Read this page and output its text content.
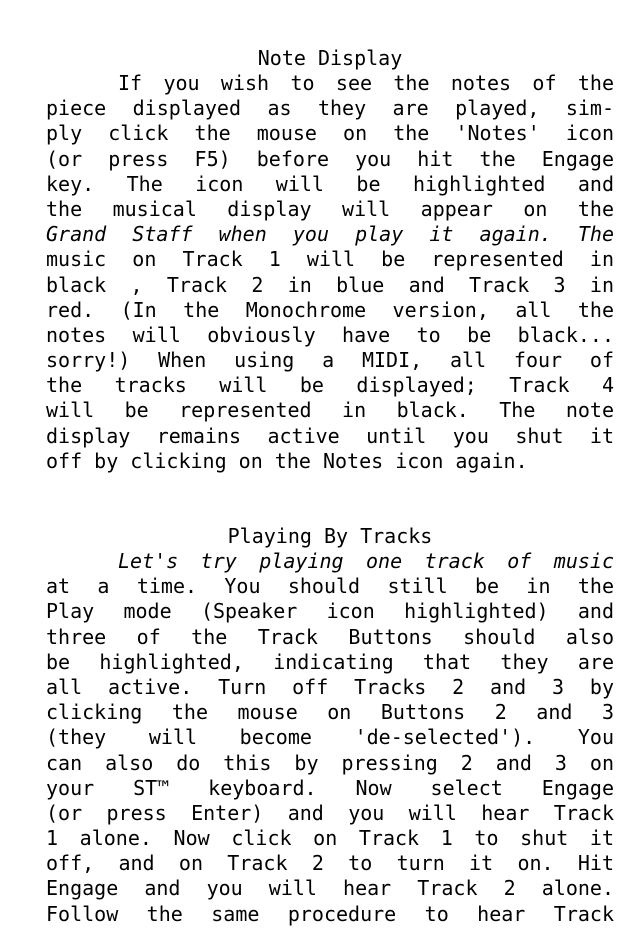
Note Display
If you wish to see the notes of the
piece displayed as they are played, sim-
ply click the mouse on the 'Notes' icon
(or press F5) before you hit the Engage
key. The icon will be highlighted and
the musical display will appear on the
Grand Staff when you play it again. The
music on Track 1 will be represented in
black , Track 2 in blue and Track 3 in
red. (In the Monochrome version, all the
notes will obviously have to be black...
sorry!) When using a MIDI, all four of
the tracks will be displayed; Track 4
will be represented in black. The note
display remains active until you shut it
off by clicking on the Notes icon again.
Playing By Tracks
Let's try playing one track of music
at a time. You should still be in the
Play mode (Speaker icon highlighted) and
three of the Track Buttons should also
be highlighted, indicating that they are
all active. Turn off Tracks 2 and 3 by
clicking the mouse on Buttons 2 and 3
(they will become 'de-selected'). You
can also do this by pressing 2 and 3 on
your ST™ keyboard. Now select Engage
(or press Enter) and you will hear Track
1 alone. Now click on Track 1 to shut it
off, and on Track 2 to turn it on. Hit
Engage and you will hear Track 2 alone.
Follow the same procedure to hear Track
